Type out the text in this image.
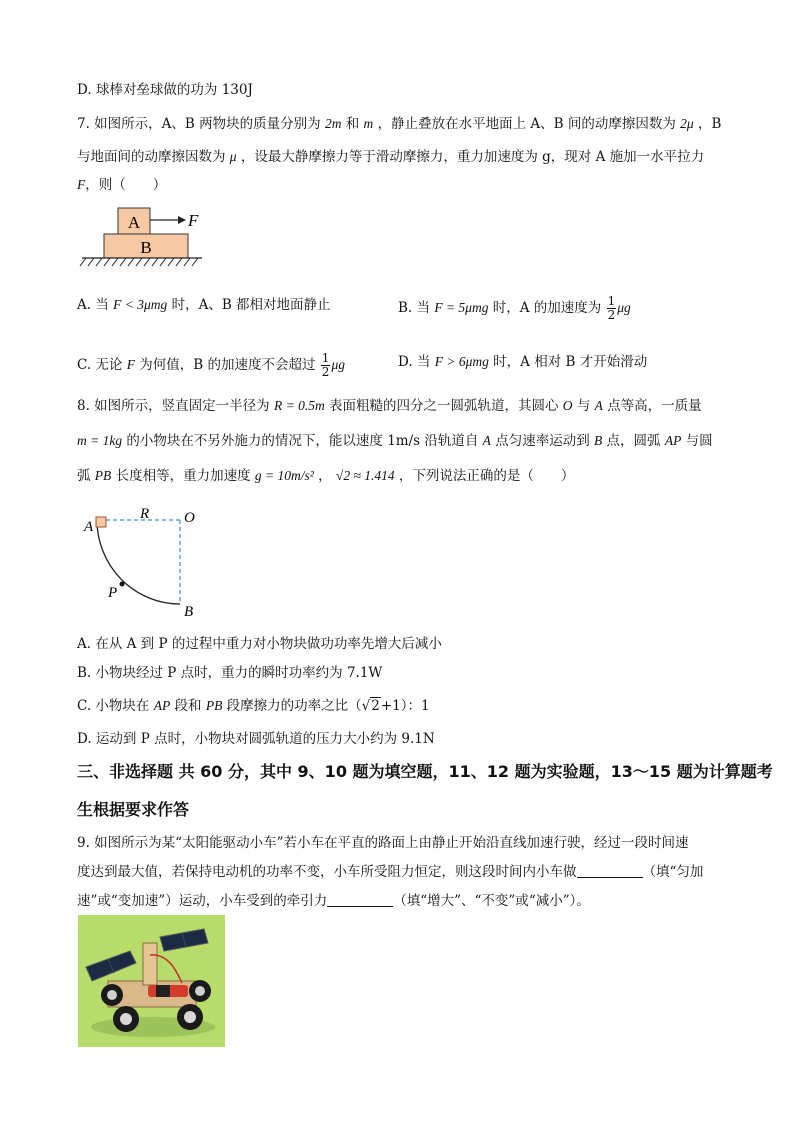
D. 球棒对垒球做的功为 130J
7. 如图所示，A、B 两物块的质量分别为 2m 和 m ，静止叠放在水平地面上 A、B 间的动摩擦因数为 2μ ，B
与地面间的动摩擦因数为 μ ，设最大静摩擦力等于滑动摩擦力，重力加速度为 g，现对 A 施加一水平拉力
F，则（　　）
A
B
F
A. 当 F < 3μmg 时，A、B 都相对地面静止	B. 当 F = 5μmg 时，A 的加速度为 $\frac{1}{2}$ μg
C. 无论 F 为何值，B 的加速度不会超过 $\frac{1}{2}$ μg	D. 当 F > 6μmg 时，A 相对 B 才开始滑动
8. 如图所示，竖直固定一半径为 R = 0.5m 表面粗糙的四分之一圆弧轨道，其圆心 O 与 A 点等高，一质量
m = 1kg 的小物块在不另外施力的情况下，能以速度 1m/s 沿轨道自 A 点匀速率运动到 B 点，圆弧 AP 与圆
弧 PB 长度相等，重力加速度 g = 10m/s² ， √2 ≈ 1.414 ，下列说法正确的是（　　）
A
R O
P
B
A. 在从 A 到 P 的过程中重力对小物块做功功率先增大后减小
B. 小物块经过 P 点时，重力的瞬时功率约为 7.1W
C. 小物块在 AP 段和 PB 段摩擦力的功率之比（√2+1）：1
D. 运动到 P 点时，小物块对圆弧轨道的压力大小约为 9.1N
三、非选择题 共 60 分，其中 9、10 题为填空题，11、12 题为实验题，13～15 题为计算题考
生根据要求作答
9. 如图所示为某“太阳能驱动小车”若小车在平直的路面上由静止开始沿直线加速行驶，经过一段时间速
度达到最大值，若保持电动机的功率不变，小车所受阻力恒定，则这段时间内小车做	（填“匀加
速”或“变加速”）运动，小车受到的牵引力	（填“增大”、“不变”或“减小”）。
